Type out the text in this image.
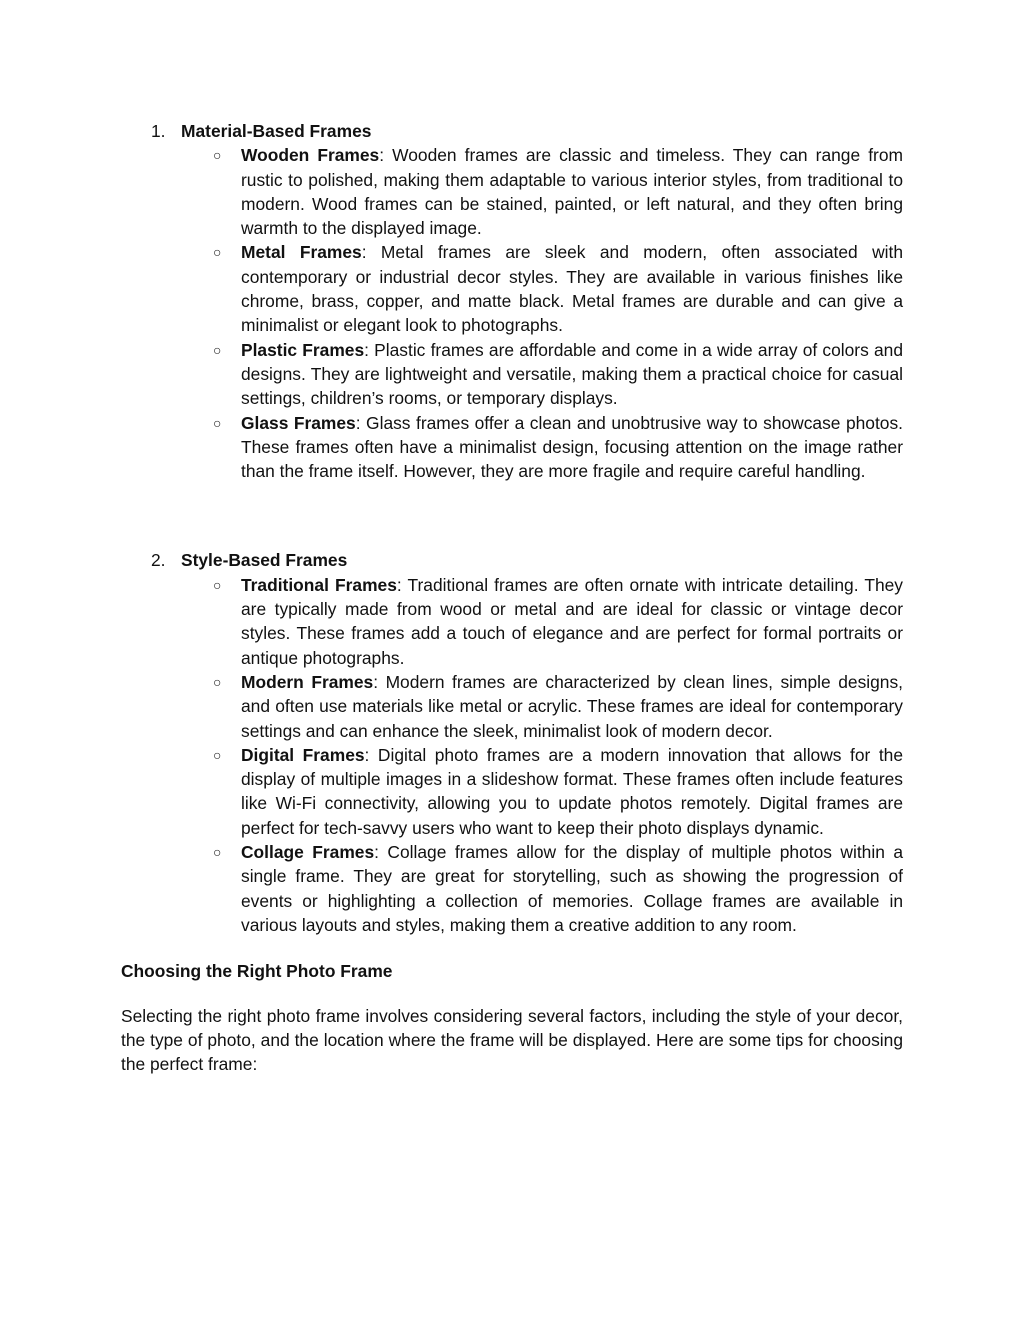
1. Material-Based Frames
○ Wooden Frames: Wooden frames are classic and timeless. They can range from rustic to polished, making them adaptable to various interior styles, from traditional to modern. Wood frames can be stained, painted, or left natural, and they often bring warmth to the displayed image.
○ Metal Frames: Metal frames are sleek and modern, often associated with contemporary or industrial decor styles. They are available in various finishes like chrome, brass, copper, and matte black. Metal frames are durable and can give a minimalist or elegant look to photographs.
○ Plastic Frames: Plastic frames are affordable and come in a wide array of colors and designs. They are lightweight and versatile, making them a practical choice for casual settings, children’s rooms, or temporary displays.
○ Glass Frames: Glass frames offer a clean and unobtrusive way to showcase photos. These frames often have a minimalist design, focusing attention on the image rather than the frame itself. However, they are more fragile and require careful handling.
2. Style-Based Frames
○ Traditional Frames: Traditional frames are often ornate with intricate detailing. They are typically made from wood or metal and are ideal for classic or vintage decor styles. These frames add a touch of elegance and are perfect for formal portraits or antique photographs.
○ Modern Frames: Modern frames are characterized by clean lines, simple designs, and often use materials like metal or acrylic. These frames are ideal for contemporary settings and can enhance the sleek, minimalist look of modern decor.
○ Digital Frames: Digital photo frames are a modern innovation that allows for the display of multiple images in a slideshow format. These frames often include features like Wi-Fi connectivity, allowing you to update photos remotely. Digital frames are perfect for tech-savvy users who want to keep their photo displays dynamic.
○ Collage Frames: Collage frames allow for the display of multiple photos within a single frame. They are great for storytelling, such as showing the progression of events or highlighting a collection of memories. Collage frames are available in various layouts and styles, making them a creative addition to any room.
Choosing the Right Photo Frame
Selecting the right photo frame involves considering several factors, including the style of your decor, the type of photo, and the location where the frame will be displayed. Here are some tips for choosing the perfect frame:
